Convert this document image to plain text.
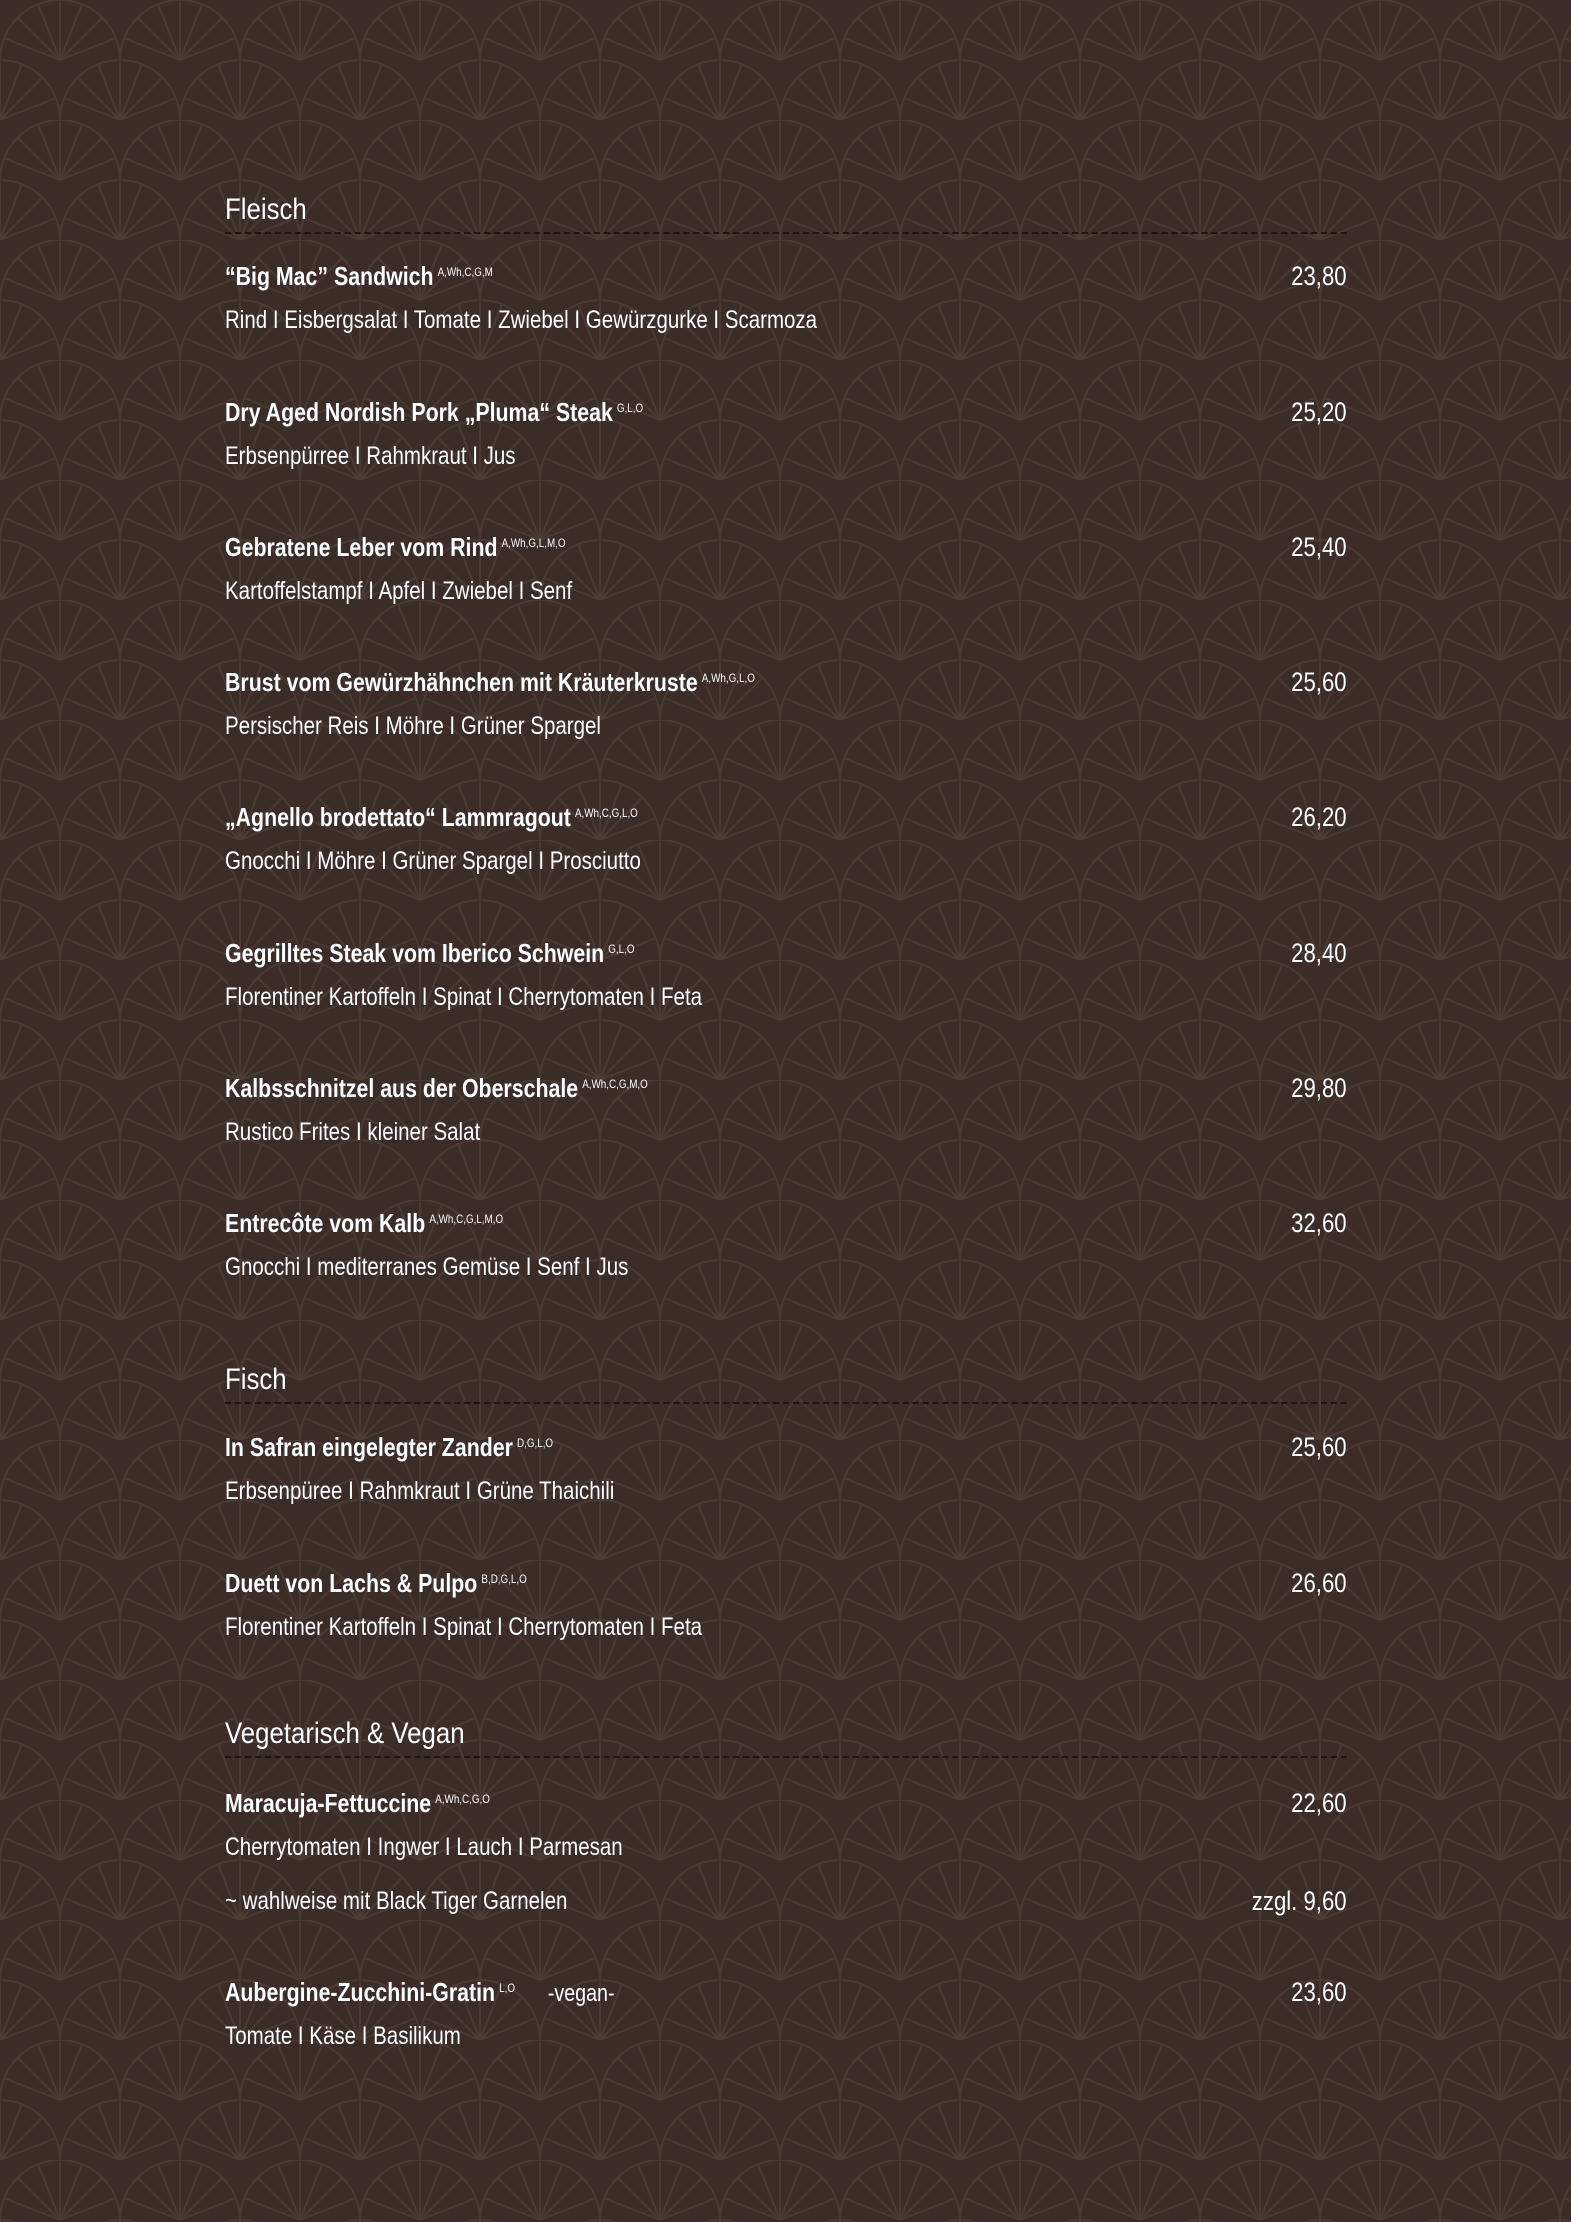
Fleisch
“Big Mac” Sandwich $^{A,Wh,C,G,M}$	23,80
Rind I Eisbergsalat I Tomate I Zwiebel I Gewürzgurke I Scarmoza
Dry Aged Nordish Pork „Pluma“ Steak $^{G,L,O}$	25,20
Erbsenpürree I Rahmkraut I Jus
Gebratene Leber vom Rind $^{A,Wh,G,L,M,O}$	25,40
Kartoffelstampf I Apfel I Zwiebel I Senf
Brust vom Gewürzhähnchen mit Kräuterkruste $^{A,Wh,G,L,O}$	25,60
Persischer Reis I Möhre I Grüner Spargel
„Agnello brodettato“ Lammragout $^{A,Wh,C,G,L,O}$	26,20
Gnocchi I Möhre I Grüner Spargel I Prosciutto
Gegrilltes Steak vom Iberico Schwein $^{G,L,O}$	28,40
Florentiner Kartoffeln I Spinat I Cherrytomaten I Feta
Kalbsschnitzel aus der Oberschale $^{A,Wh,C,G,M,O}$	29,80
Rustico Frites I kleiner Salat
Entrecôte vom Kalb $^{A,Wh,C,G,L,M,O}$	32,60
Gnocchi I mediterranes Gemüse I Senf I Jus
Fisch
In Safran eingelegter Zander $^{D,G,L,O}$	25,60
Erbsenpüree I Rahmkraut I Grüne Thaichili
Duett von Lachs & Pulpo $^{B,D,G,L,O}$	26,60
Florentiner Kartoffeln I Spinat I Cherrytomaten I Feta
Vegetarisch & Vegan
Maracuja-Fettuccine $^{A,Wh,C,G,O}$	22,60
Cherrytomaten I Ingwer I Lauch I Parmesan
~ wahlweise mit Black Tiger Garnelen	zzgl. 9,60
Aubergine-Zucchini-Gratin $^{L,O}$ -vegan-	23,60
Tomate I Käse I Basilikum
